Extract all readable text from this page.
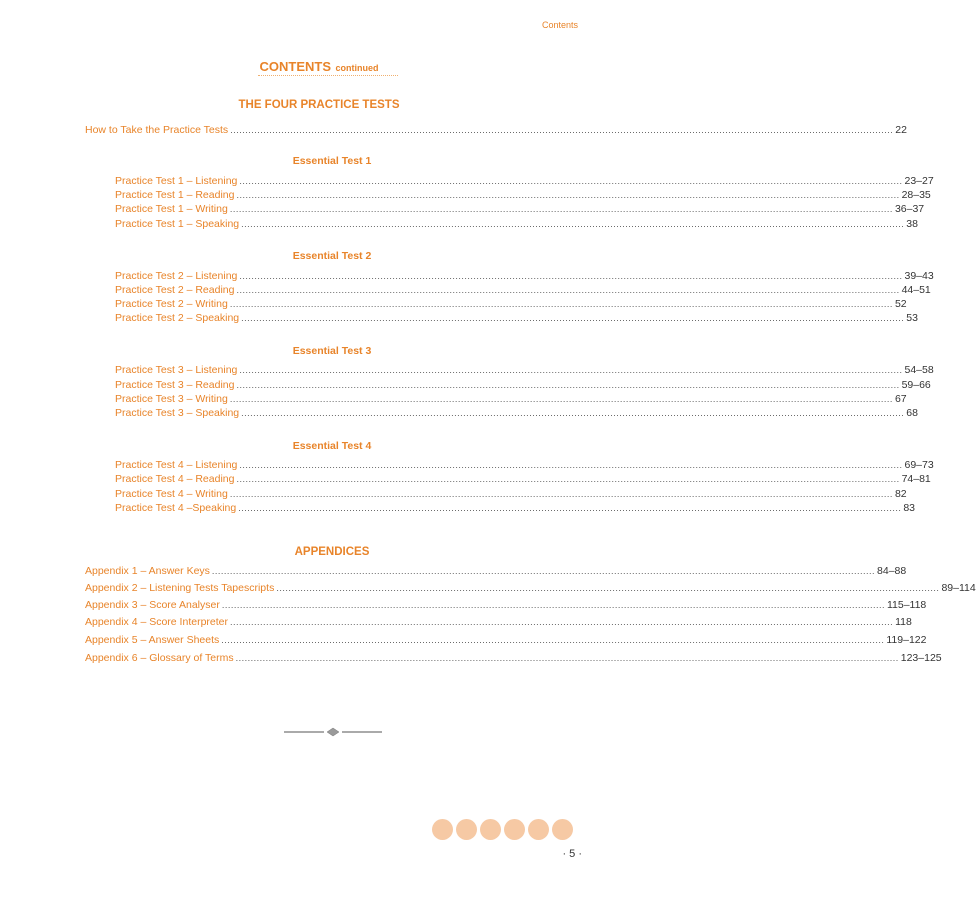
Contents
CONTENTS continued
THE FOUR PRACTICE TESTS
How to Take the Practice Tests ............................................................................................................................................................................................................................. 22
Essential Test 1
Practice Test 1 – Listening ............................................................................................................................................................................................................................. 23–27
Practice Test 1 – Reading ............................................................................................................................................................................................................................. 28–35
Practice Test 1 – Writing ............................................................................................................................................................................................................................. 36–37
Practice Test 1 – Speaking ............................................................................................................................................................................................................................. 38
Essential Test 2
Practice Test 2 – Listening ............................................................................................................................................................................................................................. 39–43
Practice Test 2 – Reading ............................................................................................................................................................................................................................. 44–51
Practice Test 2 – Writing ............................................................................................................................................................................................................................. 52
Practice Test 2 – Speaking ............................................................................................................................................................................................................................. 53
Essential Test 3
Practice Test 3 – Listening ............................................................................................................................................................................................................................. 54–58
Practice Test 3 – Reading ............................................................................................................................................................................................................................. 59–66
Practice Test 3 – Writing ............................................................................................................................................................................................................................. 67
Practice Test 3 – Speaking ............................................................................................................................................................................................................................. 68
Essential Test 4
Practice Test 4 – Listening ............................................................................................................................................................................................................................. 69–73
Practice Test 4 – Reading ............................................................................................................................................................................................................................. 74–81
Practice Test 4 – Writing ............................................................................................................................................................................................................................. 82
Practice Test 4 –Speaking ............................................................................................................................................................................................................................. 83
APPENDICES
Appendix 1 – Answer Keys ............................................................................................................................................................................................................................. 84–88
Appendix 2 – Listening Tests Tapescripts ............................................................................................................................................................................................................................. 89–114
Appendix 3 – Score Analyser ............................................................................................................................................................................................................................. 115–118
Appendix 4 – Score Interpreter ............................................................................................................................................................................................................................. 118
Appendix 5 – Answer Sheets ............................................................................................................................................................................................................................. 119–122
Appendix 6 – Glossary of Terms ............................................................................................................................................................................................................................. 123–125
· 5 ·
